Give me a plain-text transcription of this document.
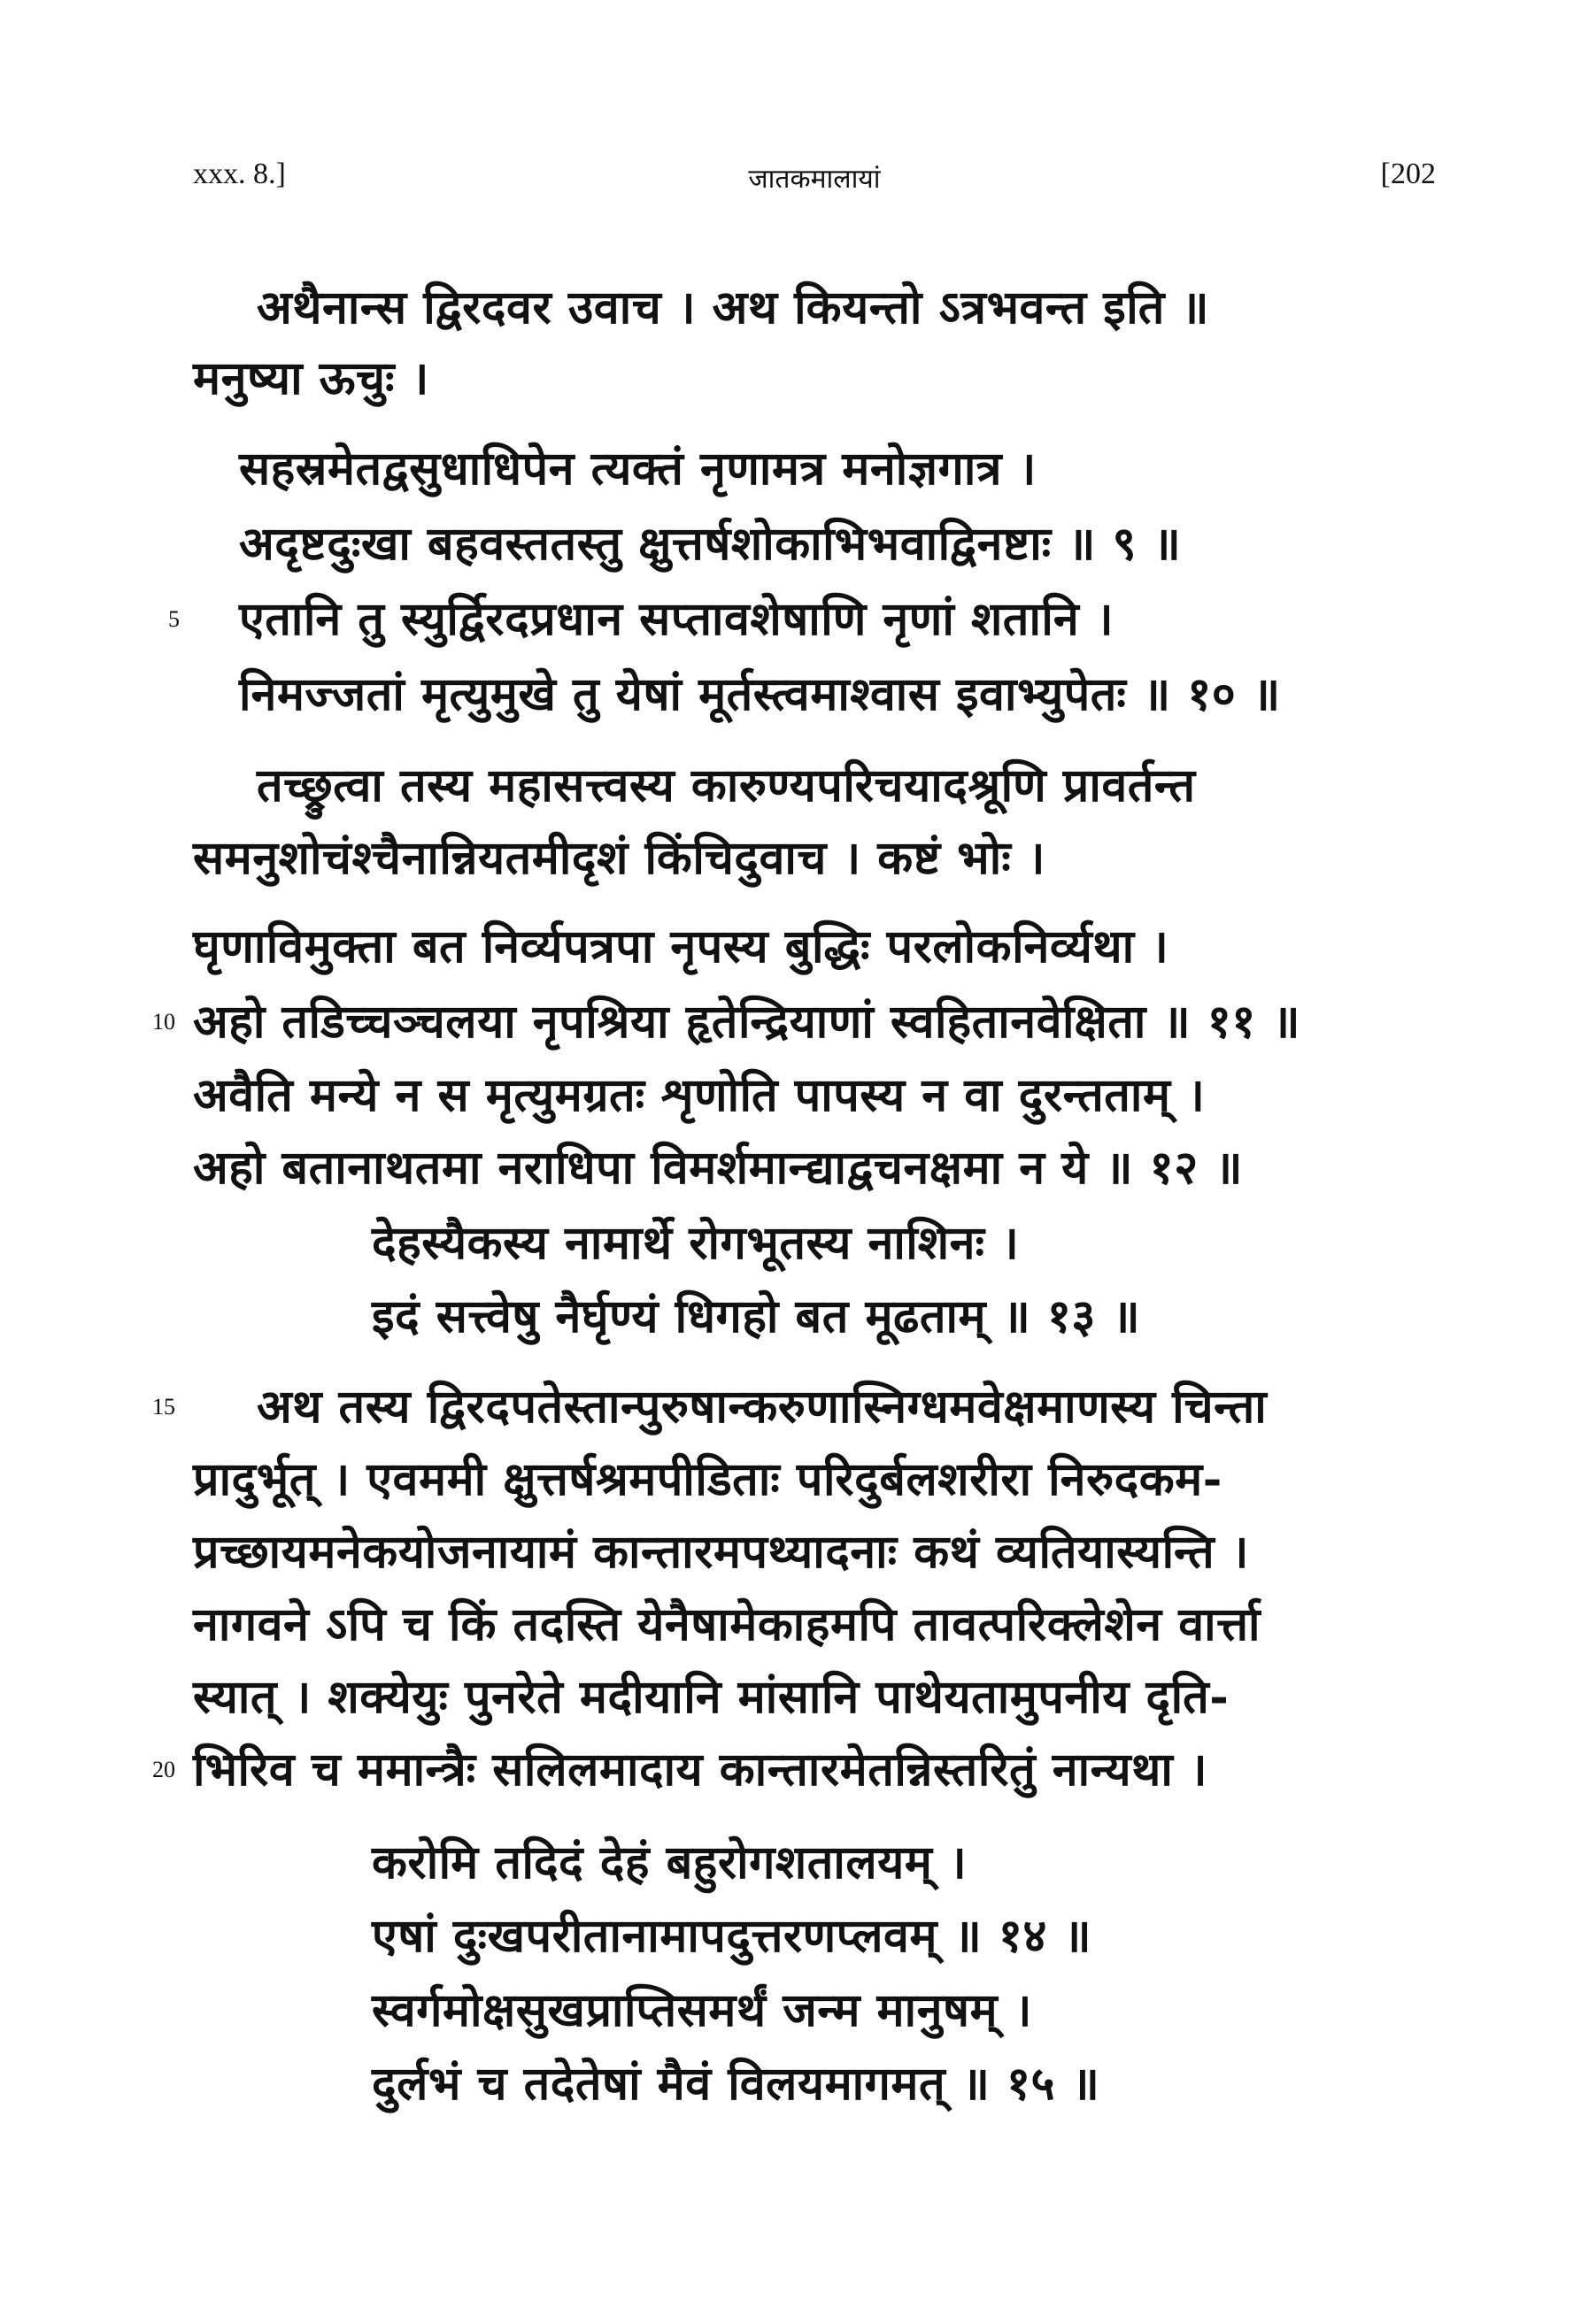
xxx. 8.]	जातकमालायां	[202
अथैनान्स द्विरदवर उवाच । अथ कियन्तो ऽत्रभवन्त इति ॥
मनुष्या ऊचुः ।
सहस्रमेतद्वसुधाधिपेन त्यक्तं नृणामत्र मनोज्ञगात्र ।
अदृष्टदुःखा बहवस्ततस्तु क्षुत्तर्षशोकाभिभवाद्विनष्टाः ॥ ९ ॥
5 एतानि तु स्युर्द्विरदप्रधान सप्तावशेषाणि नृणां शतानि ।
निमज्जतां मृत्युमुखे तु येषां मूर्तस्त्वमाश्वास इवाभ्युपेतः ॥ १० ॥
तच्छ्रुत्वा तस्य महासत्त्वस्य कारुण्यपरिचयादश्रूणि प्रावर्तन्त
समनुशोचंश्चैनान्नियतमीदृशं किंचिदुवाच । कष्टं भोः ।
घृणाविमुक्ता बत निर्व्यपत्रपा नृपस्य बुद्धिः परलोकनिर्व्यथा ।
10 अहो तडिच्चञ्चलया नृपश्रिया हृतेन्द्रियाणां स्वहितानवेक्षिता ॥ ११ ॥
अवैति मन्ये न स मृत्युमग्रतः शृणोति पापस्य न वा दुरन्तताम् ।
अहो बतानाथतमा नराधिपा विमर्शमान्द्याद्वचनक्षमा न ये ॥ १२ ॥
देहस्यैकस्य नामार्थे रोगभूतस्य नाशिनः ।
इदं सत्त्वेषु नैर्घृण्यं धिगहो बत मूढताम् ॥ १३ ॥
15 अथ तस्य द्विरदपतेस्तान्पुरुषान्करुणास्निग्धमवेक्षमाणस्य चिन्ता
प्रादुर्भूत् । एवममी क्षुत्तर्षश्रमपीडिताः परिदुर्बलशरीरा निरुदकम-
प्रच्छायमनेकयोजनायामं कान्तारमपथ्यादनाः कथं व्यतियास्यन्ति ।
नागवने ऽपि च किं तदस्ति येनैषामेकाहमपि तावत्परिक्लेशेन वार्त्ता
स्यात् । शक्येयुः पुनरेते मदीयानि मांसानि पाथेयतामुपनीय दृति-
20 भिरिव च ममान्त्रैः सलिलमादाय कान्तारमेतन्निस्तरितुं नान्यथा ।
करोमि तदिदं देहं बहुरोगशतालयम् ।
एषां दुःखपरीतानामापदुत्तरणप्लवम् ॥ १४ ॥
स्वर्गमोक्षसुखप्राप्तिसमर्थं जन्म मानुषम् ।
दुर्लभं च तदेतेषां मैवं विलयमागमत् ॥ १५ ॥
